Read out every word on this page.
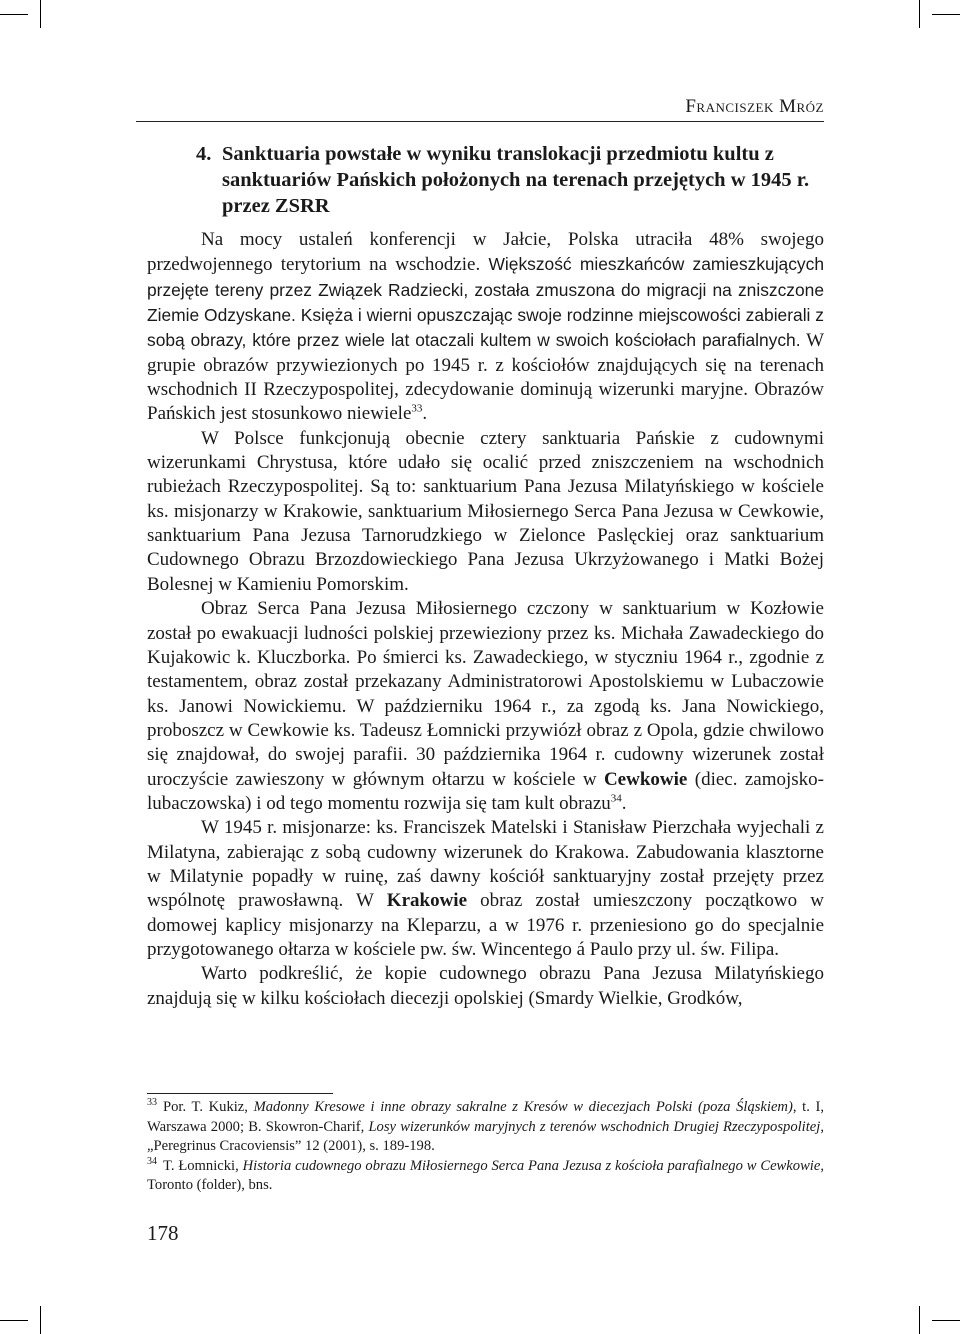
Franciszek Mróz
4. Sanktuaria powstałe w wyniku translokacji przedmiotu kultu z sanktuariów Pańskich położonych na terenach przejętych w 1945 r. przez ZSRR

Na mocy ustaleń konferencji w Jałcie, Polska utraciła 48% swojego przedwojennego terytorium na wschodzie. Większość mieszkańców zamieszkujących przejęte tereny przez Związek Radziecki, została zmuszona do migracji na zniszczone Ziemie Odzyskane. Księża i wierni opuszczając swoje rodzinne miejscowości zabierali z sobą obrazy, które przez wiele lat otaczali kultem w swoich kościołach parafialnych. W grupie obrazów przywiezionych po 1945 r. z kościołów znajdujących się na terenach wschodnich II Rzeczypospolitej, zdecydowanie dominują wizerunki maryjne. Obrazów Pańskich jest stosunkowo niewiele$^{33}$.

W Polsce funkcjonują obecnie cztery sanktuaria Pańskie z cudownymi wizerunkami Chrystusa, które udało się ocalić przed zniszczeniem na wschodnich rubieżach Rzeczypospolitej. Są to: sanktuarium Pana Jezusa Milatyńskiego w kościele ks. misjonarzy w Krakowie, sanktuarium Miłosiernego Serca Pana Jezusa w Cewkowie, sanktuarium Pana Jezusa Tarnorudzkiego w Zielonce Paslęckiej oraz sanktuarium Cudownego Obrazu Brzozdowieckiego Pana Jezusa Ukrzyżowanego i Matki Bożej Bolesnej w Kamieniu Pomorskim.

Obraz Serca Pana Jezusa Miłosiernego czczony w sanktuarium w Kozłowie został po ewakuacji ludności polskiej przewieziony przez ks. Michała Zawadeckiego do Kujakowic k. Kluczborka. Po śmierci ks. Zawadeckiego, w styczniu 1964 r., zgodnie z testamentem, obraz został przekazany Administratorowi Apostolskiemu w Lubaczowie ks. Janowi Nowickiemu. W październiku 1964 r., za zgodą ks. Jana Nowickiego, proboszcz w Cewkowie ks. Tadeusz Łomnicki przywiózł obraz z Opola, gdzie chwilowo się znajdował, do swojej parafii. 30 października 1964 r. cudowny wizerunek został uroczyście zawieszony w głównym ołtarzu w kościele w Cewkowie (diec. zamojsko-lubaczowska) i od tego momentu rozwija się tam kult obrazu$^{34}$.

W 1945 r. misjonarze: ks. Franciszek Matelski i Stanisław Pierzchała wyjechali z Milatyna, zabierając z sobą cudowny wizerunek do Krakowa. Zabudowania klasztorne w Milatynie popadły w ruinę, zaś dawny kościół sanktuaryjny został przejęty przez wspólnotę prawosławną. W Krakowie obraz został umieszczony początkowo w domowej kaplicy misjonarzy na Kleparzu, a w 1976 r. przeniesiono go do specjalnie przygotowanego ołtarza w kościele pw. św. Wincentego á Paulo przy ul. św. Filipa.

Warto podkreślić, że kopie cudownego obrazu Pana Jezusa Milatyńskiego znajdują się w kilku kościołach diecezji opolskiej (Smardy Wielkie, Grodków,

$^{33}$ Por. T. Kukiz, Madonny Kresowe i inne obrazy sakralne z Kresów w diecezjach Polski (poza Śląskiem), t. I, Warszawa 2000; B. Skowron-Charif, Losy wizerunków maryjnych z terenów wschodnich Drugiej Rzeczypospolitej, „Peregrinus Cracoviensis” 12 (2001), s. 189-198.

$^{34}$ T. Łomnicki, Historia cudownego obrazu Miłosiernego Serca Pana Jezusa z kościoła parafialnego w Cewkowie, Toronto (folder), bns.

178
